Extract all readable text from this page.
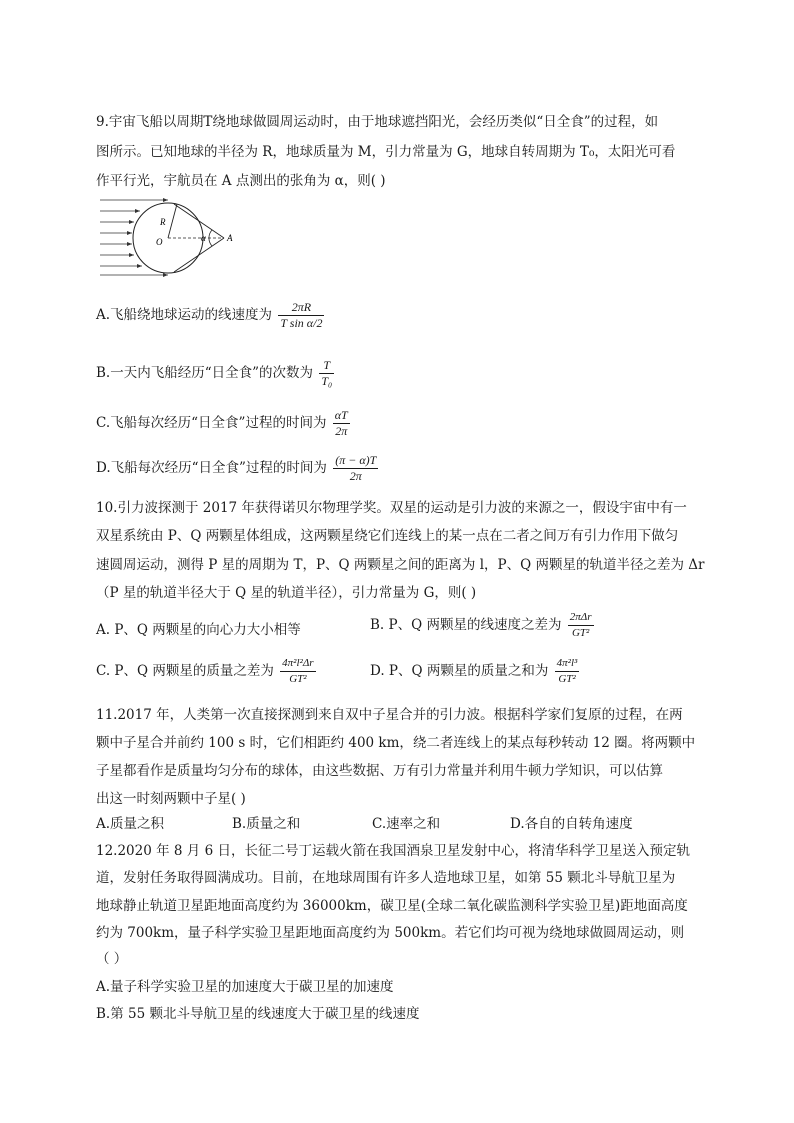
9.宇宙飞船以周期T绕地球做圆周运动时，由于地球遮挡阳光，会经历类似“日全食”的过程，如
图所示。已知地球的半径为 R，地球质量为 M，引力常量为 G，地球自转周期为 T₀，太阳光可看
作平行光，宇航员在 A 点测出的张角为 α，则( )
R
O	α A
A.飞船绕地球运动的线速度为 $\frac{2\pi R}{\text{T sin α/2}}$
B.一天内飞船经历“日全食”的次数为 $\frac{T}{\text{T₀}}$
C.飞船每次经历“日全食”过程的时间为 $\frac{\alpha T}{2\pi}$
D.飞船每次经历“日全食”过程的时间为 $\frac{(\pi - \alpha)T}{2\pi}$
10.引力波探测于 2017 年获得诺贝尔物理学奖。双星的运动是引力波的来源之一，假设宇宙中有一
双星系统由 P、Q 两颗星体组成，这两颗星绕它们连线上的某一点在二者之间万有引力作用下做匀
速圆周运动，测得 P 星的周期为 T，P、Q 两颗星之间的距离为 l，P、Q 两颗星的轨道半径之差为 Δr
（P 星的轨道半径大于 Q 星的轨道半径），引力常量为 G，则( )
A. P、Q 两颗星的向心力大小相等	B. P、Q 两颗星的线速度之差为 $\frac{\text{2πΔr}}{\text{GT²}}$
C. P、Q 两颗星的质量之差为 $\frac{\text{4π²l²Δr}}{\text{GT²}}$	D. P、Q 两颗星的质量之和为 $\frac{\text{4π²l³}}{\text{GT²}}$
11.2017 年，人类第一次直接探测到来自双中子星合并的引力波。根据科学家们复原的过程，在两
颗中子星合并前约 100 s 时，它们相距约 400 km，绕二者连线上的某点每秒转动 12 圈。将两颗中
子星都看作是质量均匀分布的球体，由这些数据、万有引力常量并利用牛顿力学知识，可以估算
出这一时刻两颗中子星( )
A.质量之积	B.质量之和	C.速率之和	D.各自的自转角速度
12.2020 年 8 月 6 日，长征二号丁运载火箭在我国酒泉卫星发射中心，将清华科学卫星送入预定轨
道，发射任务取得圆满成功。目前，在地球周围有许多人造地球卫星，如第 55 颗北斗导航卫星为
地球静止轨道卫星距地面高度约为 36000km，碳卫星(全球二氧化碳监测科学实验卫星)距地面高度
约为 700km，量子科学实验卫星距地面高度约为 500km。若它们均可视为绕地球做圆周运动，则
（ ）
A.量子科学实验卫星的加速度大于碳卫星的加速度
B.第 55 颗北斗导航卫星的线速度大于碳卫星的线速度
